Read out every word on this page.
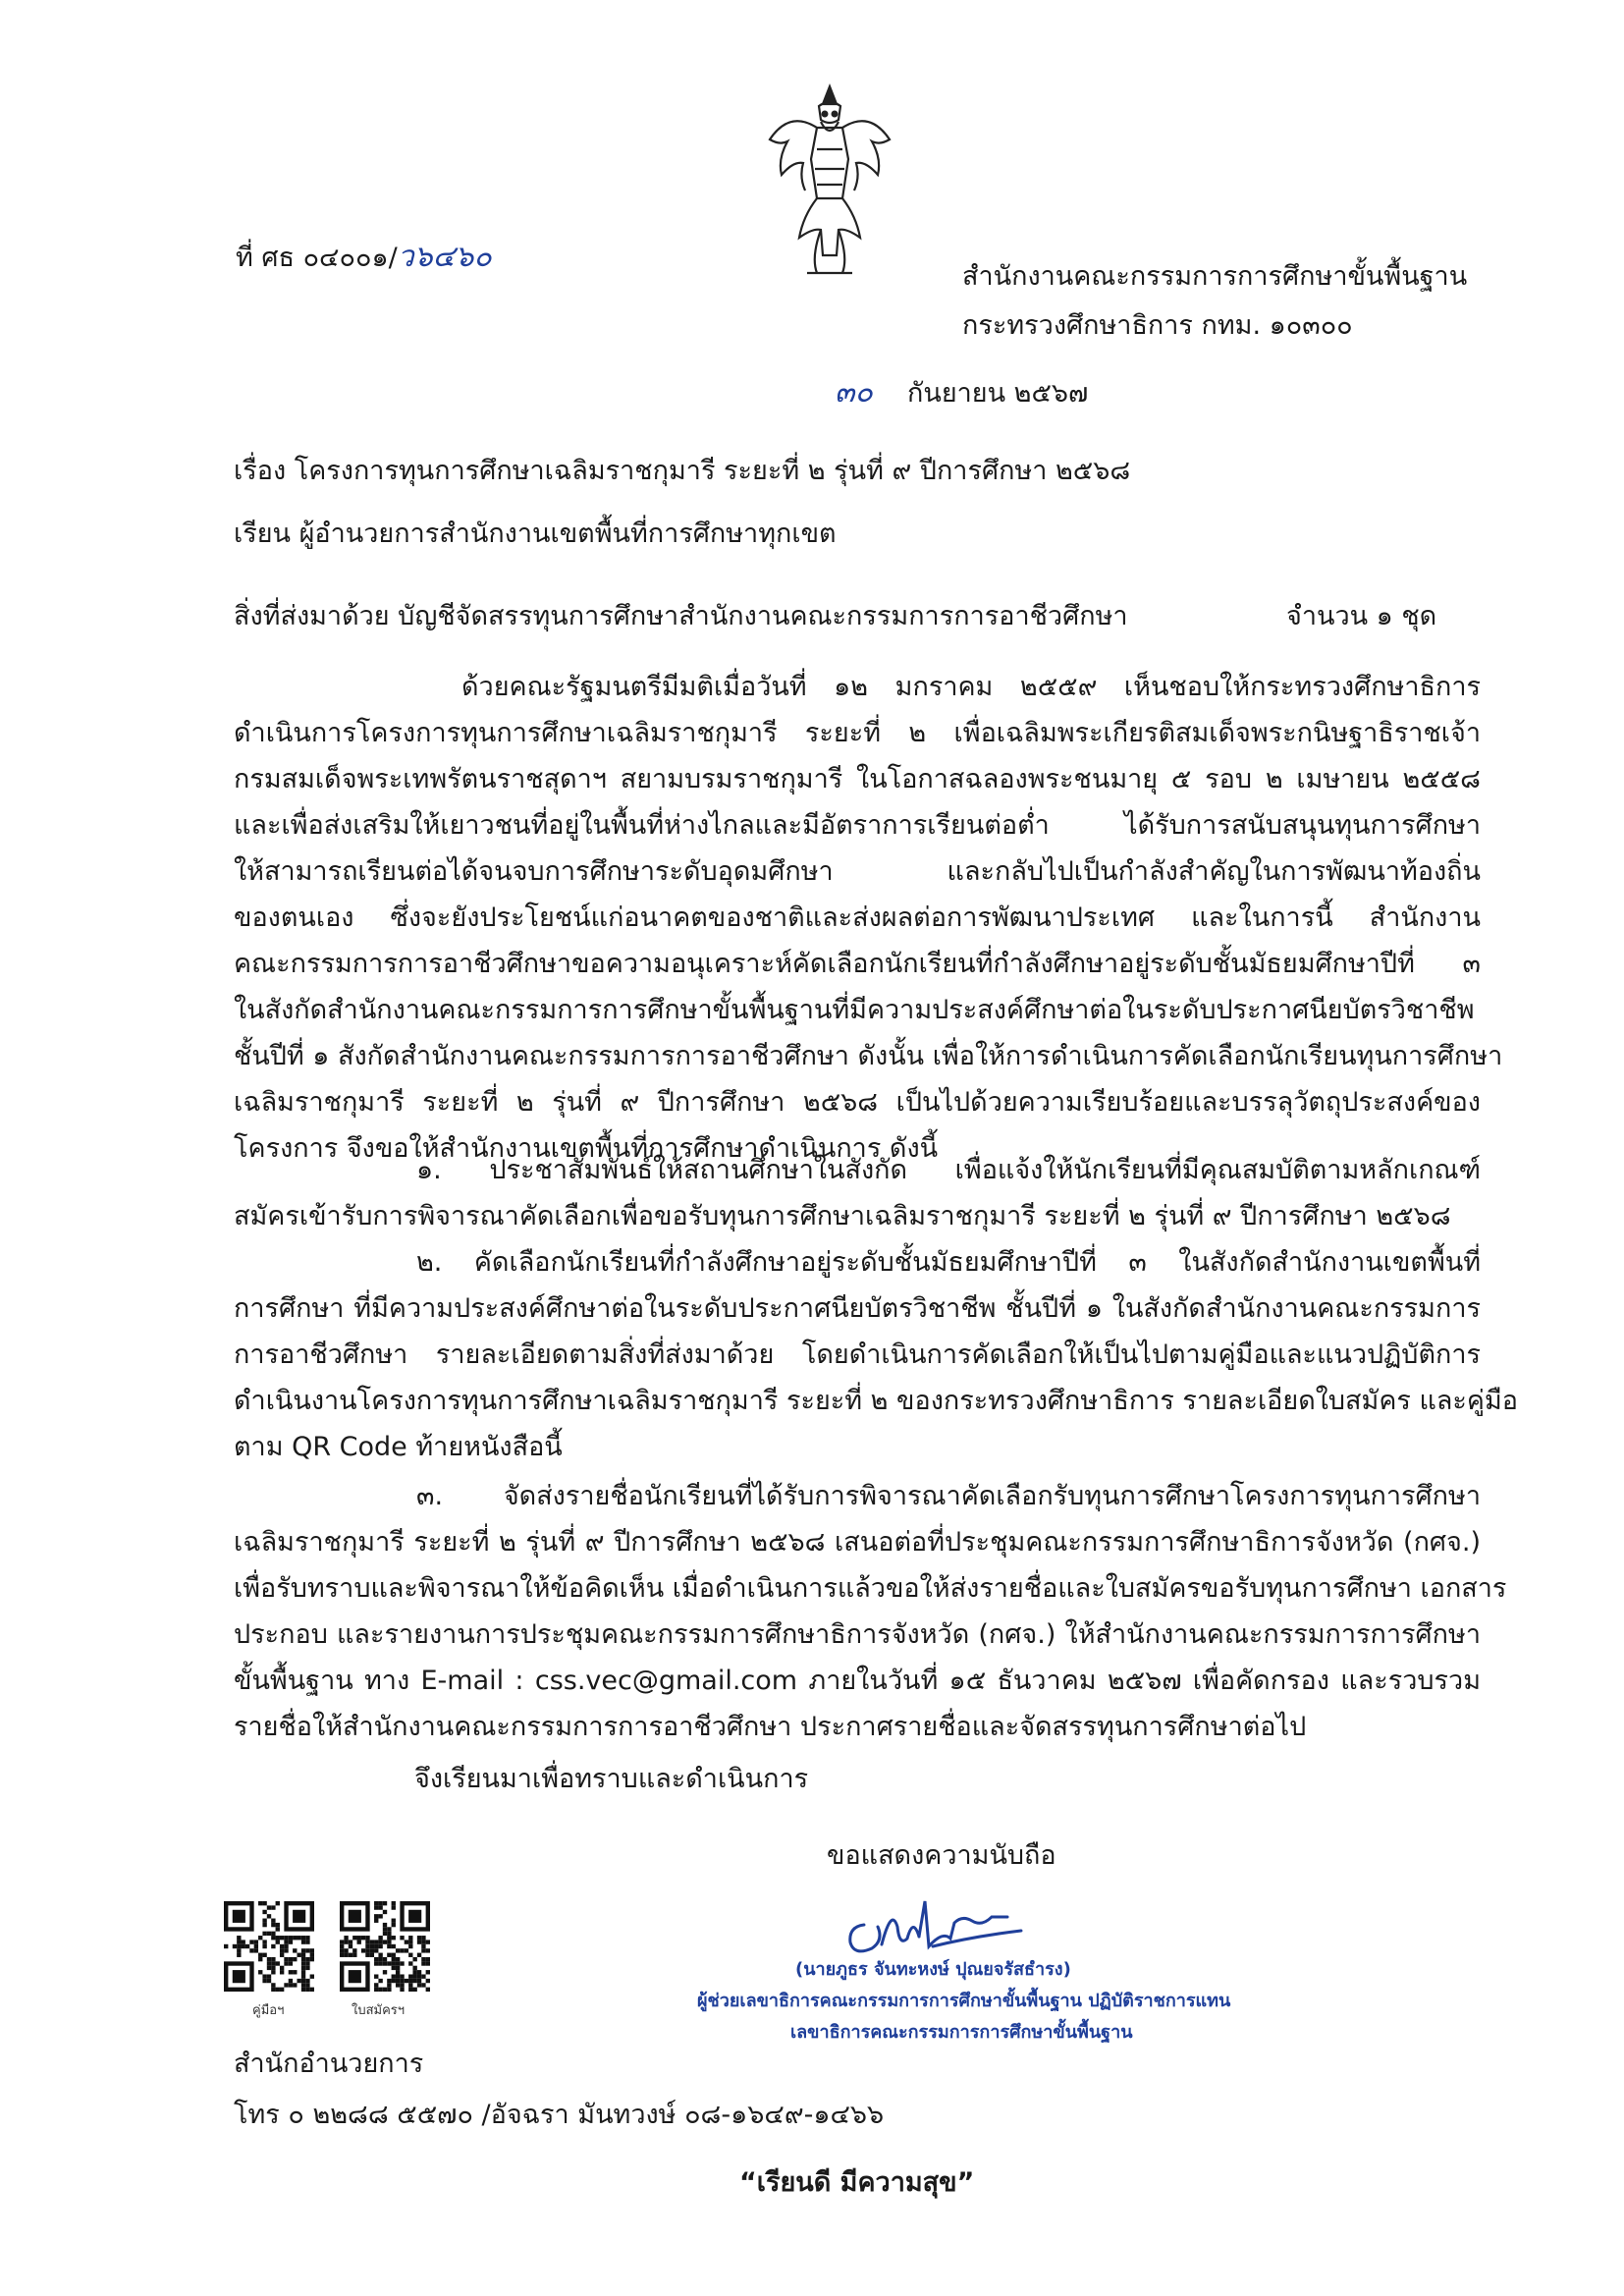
ที่ ศธ ๐๔๐๐๑/ว๖๔๖๐
สำนักงานคณะกรรมการการศึกษาขั้นพื้นฐาน
กระทรวงศึกษาธิการ กทม. ๑๐๓๐๐
๓๐ กันยายน ๒๕๖๗
เรื่อง โครงการทุนการศึกษาเฉลิมราชกุมารี ระยะที่ ๒ รุ่นที่ ๙ ปีการศึกษา ๒๕๖๘
เรียน ผู้อำนวยการสำนักงานเขตพื้นที่การศึกษาทุกเขต
สิ่งที่ส่งมาด้วย บัญชีจัดสรรทุนการศึกษาสำนักงานคณะกรรมการการอาชีวศึกษา	จำนวน ๑ ชุด
ด้วยคณะรัฐมนตรีมีมติเมื่อวันที่ ๑๒ มกราคม ๒๕๕๙ เห็นชอบให้กระทรวงศึกษาธิการ
ดำเนินการโครงการทุนการศึกษาเฉลิมราชกุมารี ระยะที่ ๒ เพื่อเฉลิมพระเกียรติสมเด็จพระกนิษฐาธิราชเจ้า
กรมสมเด็จพระเทพรัตนราชสุดาฯ สยามบรมราชกุมารี ในโอกาสฉลองพระชนมายุ ๕ รอบ ๒ เมษายน ๒๕๕๘
และเพื่อส่งเสริมให้เยาวชนที่อยู่ในพื้นที่ห่างไกลและมีอัตราการเรียนต่อต่ำ ได้รับการสนับสนุนทุนการศึกษา
ให้สามารถเรียนต่อได้จนจบการศึกษาระดับอุดมศึกษา และกลับไปเป็นกำลังสำคัญในการพัฒนาท้องถิ่น
ของตนเอง ซึ่งจะยังประโยชน์แก่อนาคตของชาติและส่งผลต่อการพัฒนาประเทศ และในการนี้ สำนักงาน
คณะกรรมการการอาชีวศึกษาขอความอนุเคราะห์คัดเลือกนักเรียนที่กำลังศึกษาอยู่ระดับชั้นมัธยมศึกษาปีที่ ๓
ในสังกัดสำนักงานคณะกรรมการการศึกษาขั้นพื้นฐานที่มีความประสงค์ศึกษาต่อในระดับประกาศนียบัตรวิชาชีพ
ชั้นปีที่ ๑ สังกัดสำนักงานคณะกรรมการการอาชีวศึกษา ดังนั้น เพื่อให้การดำเนินการคัดเลือกนักเรียนทุนการศึกษา
เฉลิมราชกุมารี ระยะที่ ๒ รุ่นที่ ๙ ปีการศึกษา ๒๕๖๘ เป็นไปด้วยความเรียบร้อยและบรรลุวัตถุประสงค์ของ
โครงการ จึงขอให้สำนักงานเขตพื้นที่การศึกษาดำเนินการ ดังนี้
๑. ประชาสัมพันธ์ให้สถานศึกษาในสังกัด เพื่อแจ้งให้นักเรียนที่มีคุณสมบัติตามหลักเกณฑ์
สมัครเข้ารับการพิจารณาคัดเลือกเพื่อขอรับทุนการศึกษาเฉลิมราชกุมารี ระยะที่ ๒ รุ่นที่ ๙ ปีการศึกษา ๒๕๖๘
๒. คัดเลือกนักเรียนที่กำลังศึกษาอยู่ระดับชั้นมัธยมศึกษาปีที่ ๓ ในสังกัดสำนักงานเขตพื้นที่
การศึกษา ที่มีความประสงค์ศึกษาต่อในระดับประกาศนียบัตรวิชาชีพ ชั้นปีที่ ๑ ในสังกัดสำนักงานคณะกรรมการ
การอาชีวศึกษา รายละเอียดตามสิ่งที่ส่งมาด้วย โดยดำเนินการคัดเลือกให้เป็นไปตามคู่มือและแนวปฏิบัติการ
ดำเนินงานโครงการทุนการศึกษาเฉลิมราชกุมารี ระยะที่ ๒ ของกระทรวงศึกษาธิการ รายละเอียดใบสมัคร และคู่มือ
ตาม QR Code ท้ายหนังสือนี้
๓. จัดส่งรายชื่อนักเรียนที่ได้รับการพิจารณาคัดเลือกรับทุนการศึกษาโครงการทุนการศึกษา
เฉลิมราชกุมารี ระยะที่ ๒ รุ่นที่ ๙ ปีการศึกษา ๒๕๖๘ เสนอต่อที่ประชุมคณะกรรมการศึกษาธิการจังหวัด (กศจ.)
เพื่อรับทราบและพิจารณาให้ข้อคิดเห็น เมื่อดำเนินการแล้วขอให้ส่งรายชื่อและใบสมัครขอรับทุนการศึกษา เอกสาร
ประกอบ และรายงานการประชุมคณะกรรมการศึกษาธิการจังหวัด (กศจ.) ให้สำนักงานคณะกรรมการการศึกษา
ขั้นพื้นฐาน ทาง E-mail : css.vec@gmail.com ภายในวันที่ ๑๕ ธันวาคม ๒๕๖๗ เพื่อคัดกรอง และรวบรวม
รายชื่อให้สำนักงานคณะกรรมการการอาชีวศึกษา ประกาศรายชื่อและจัดสรรทุนการศึกษาต่อไป
จึงเรียนมาเพื่อทราบและดำเนินการ
ขอแสดงความนับถือ
(นายภูธร จันทะหงษ์ ปุณยจรัสธำรง)
ผู้ช่วยเลขาธิการคณะกรรมการการศึกษาขั้นพื้นฐาน ปฏิบัติราชการแทน
เลขาธิการคณะกรรมการการศึกษาขั้นพื้นฐาน
คู่มือฯ	ใบสมัครฯ
สำนักอำนวยการ
โทร ๐ ๒๒๘๘ ๕๕๗๐ /อัจฉรา มันทวงษ์ ๐๘-๑๖๔๙-๑๔๖๖
“เรียนดี มีความสุข”
